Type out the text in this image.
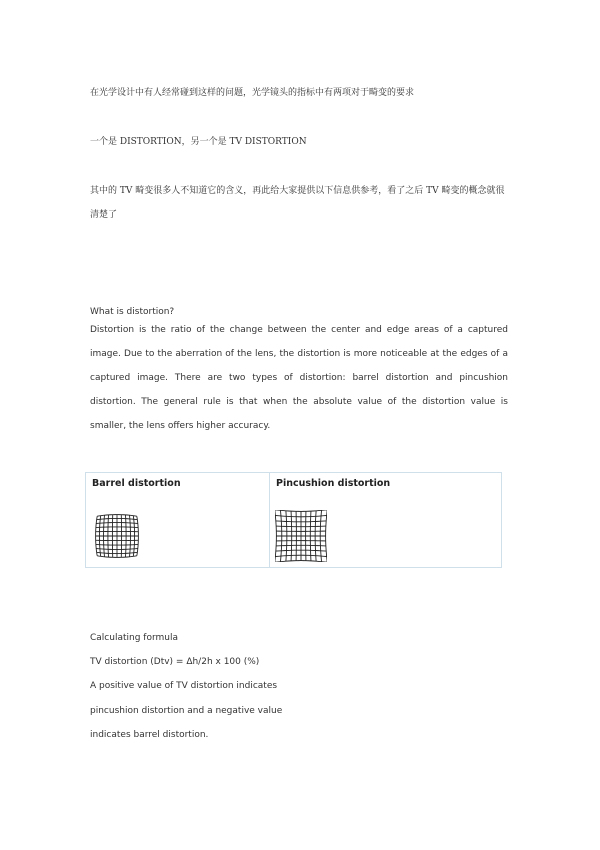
在光学设计中有人经常碰到这样的问题，光学镜头的指标中有两项对于畸变的要求
一个是 DISTORTION，另一个是 TV DISTORTION
其中的 TV 畸变很多人不知道它的含义，再此给大家提供以下信息供参考，看了之后 TV 畸变的概念就很
清楚了
What is distortion?
Distortion is the ratio of the change between the center and edge areas of a captured image. Due to the aberration of the lens, the distortion is more noticeable at the edges of a captured image. There are two types of distortion: barrel distortion and pincushion distortion. The general rule is that when the absolute value of the distortion value is smaller, the lens offers higher accuracy.
Barrel distortion	Pincushion distortion
Calculating formula
TV distortion (Dtv) = Δh/2h x 100 (%)
A positive value of TV distortion indicates
pincushion distortion and a negative value
indicates barrel distortion.
